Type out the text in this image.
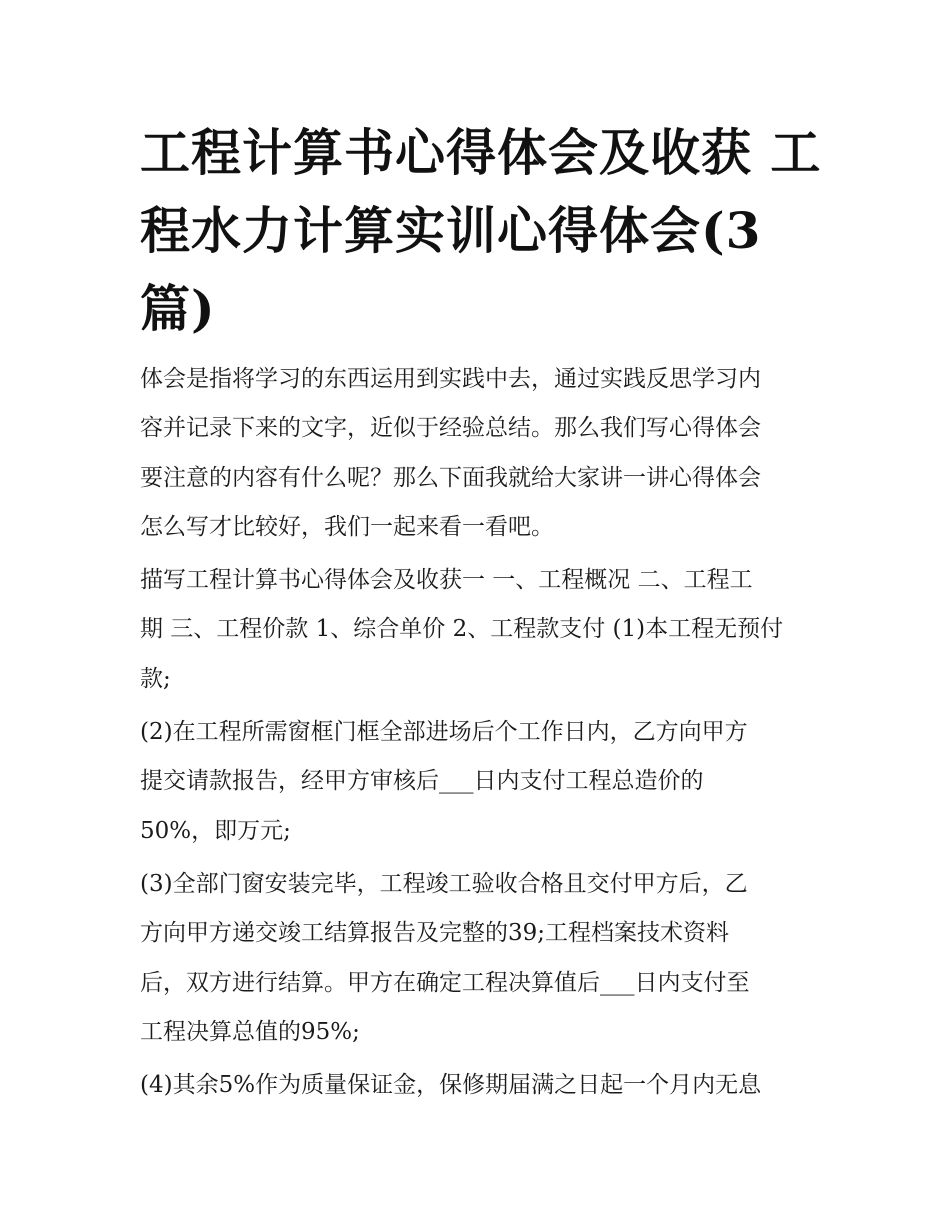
工程计算书心得体会及收获 工
程水力计算实训心得体会(3
篇)

体会是指将学习的东西运用到实践中去，通过实践反思学习内
容并记录下来的文字，近似于经验总结。那么我们写心得体会
要注意的内容有什么呢？那么下面我就给大家讲一讲心得体会
怎么写才比较好，我们一起来看一看吧。

描写工程计算书心得体会及收获一 一、工程概况 二、工程工
期 三、工程价款 1、综合单价 2、工程款支付 (1)本工程无预付
款;

(2)在工程所需窗框门框全部进场后个工作日内，乙方向甲方
提交请款报告，经甲方审核后___日内支付工程总造价的
50%，即万元;

(3)全部门窗安装完毕，工程竣工验收合格且交付甲方后，乙
方向甲方递交竣工结算报告及完整的39;工程档案技术资料
后，双方进行结算。甲方在确定工程决算值后___日内支付至
工程决算总值的95%;

(4)其余5%作为质量保证金，保修期届满之日起一个月内无息
